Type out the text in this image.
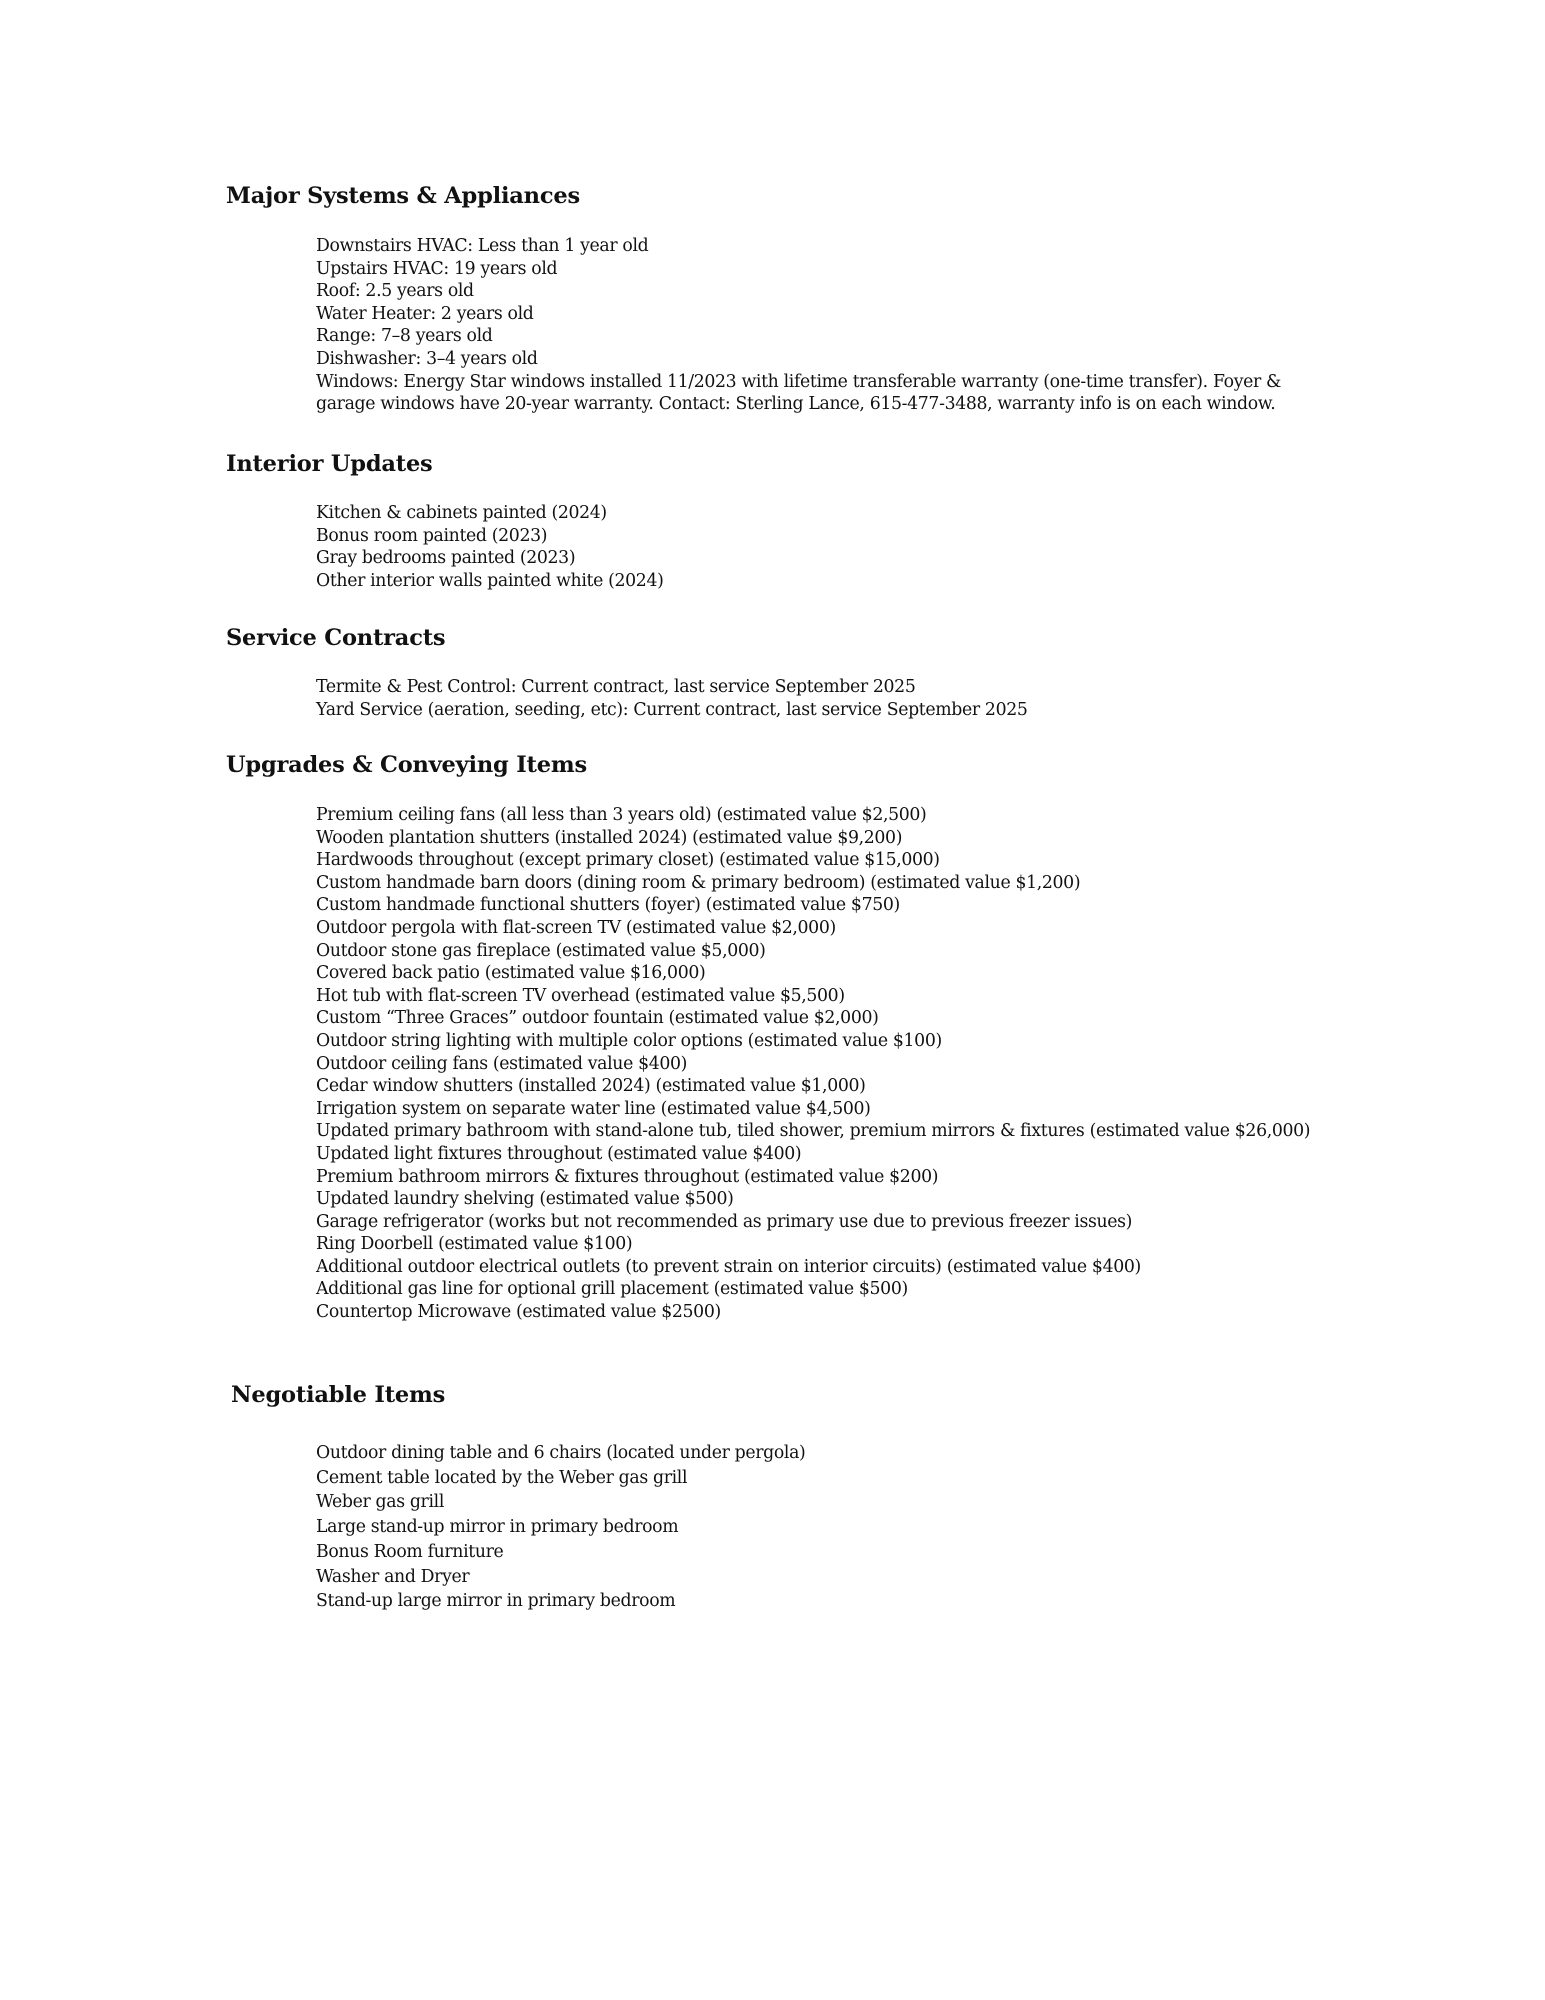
Major Systems & Appliances
Downstairs HVAC: Less than 1 year old
Upstairs HVAC: 19 years old
Roof: 2.5 years old
Water Heater: 2 years old
Range: 7–8 years old
Dishwasher: 3–4 years old
Windows: Energy Star windows installed 11/2023 with lifetime transferable warranty (one-time transfer). Foyer & garage windows have 20-year warranty. Contact: Sterling Lance, 615-477-3488, warranty info is on each window.
Interior Updates
Kitchen & cabinets painted (2024)
Bonus room painted (2023)
Gray bedrooms painted (2023)
Other interior walls painted white (2024)
Service Contracts
Termite & Pest Control: Current contract, last service September 2025
Yard Service (aeration, seeding, etc): Current contract, last service September 2025
Upgrades & Conveying Items
Premium ceiling fans (all less than 3 years old) (estimated value $2,500)
Wooden plantation shutters (installed 2024) (estimated value $9,200)
Hardwoods throughout (except primary closet) (estimated value $15,000)
Custom handmade barn doors (dining room & primary bedroom) (estimated value $1,200)
Custom handmade functional shutters (foyer) (estimated value $750)
Outdoor pergola with flat-screen TV (estimated value $2,000)
Outdoor stone gas fireplace (estimated value $5,000)
Covered back patio (estimated value $16,000)
Hot tub with flat-screen TV overhead (estimated value $5,500)
Custom “Three Graces” outdoor fountain (estimated value $2,000)
Outdoor string lighting with multiple color options (estimated value $100)
Outdoor ceiling fans (estimated value $400)
Cedar window shutters (installed 2024) (estimated value $1,000)
Irrigation system on separate water line (estimated value $4,500)
Updated primary bathroom with stand-alone tub, tiled shower, premium mirrors & fixtures (estimated value $26,000)
Updated light fixtures throughout (estimated value $400)
Premium bathroom mirrors & fixtures throughout (estimated value $200)
Updated laundry shelving (estimated value $500)
Garage refrigerator (works but not recommended as primary use due to previous freezer issues)
Ring Doorbell (estimated value $100)
Additional outdoor electrical outlets (to prevent strain on interior circuits) (estimated value $400)
Additional gas line for optional grill placement (estimated value $500)
Countertop Microwave (estimated value $2500)
Negotiable Items
Outdoor dining table and 6 chairs (located under pergola)
Cement table located by the Weber gas grill
Weber gas grill
Large stand-up mirror in primary bedroom
Bonus Room furniture
Washer and Dryer
Stand-up large mirror in primary bedroom
